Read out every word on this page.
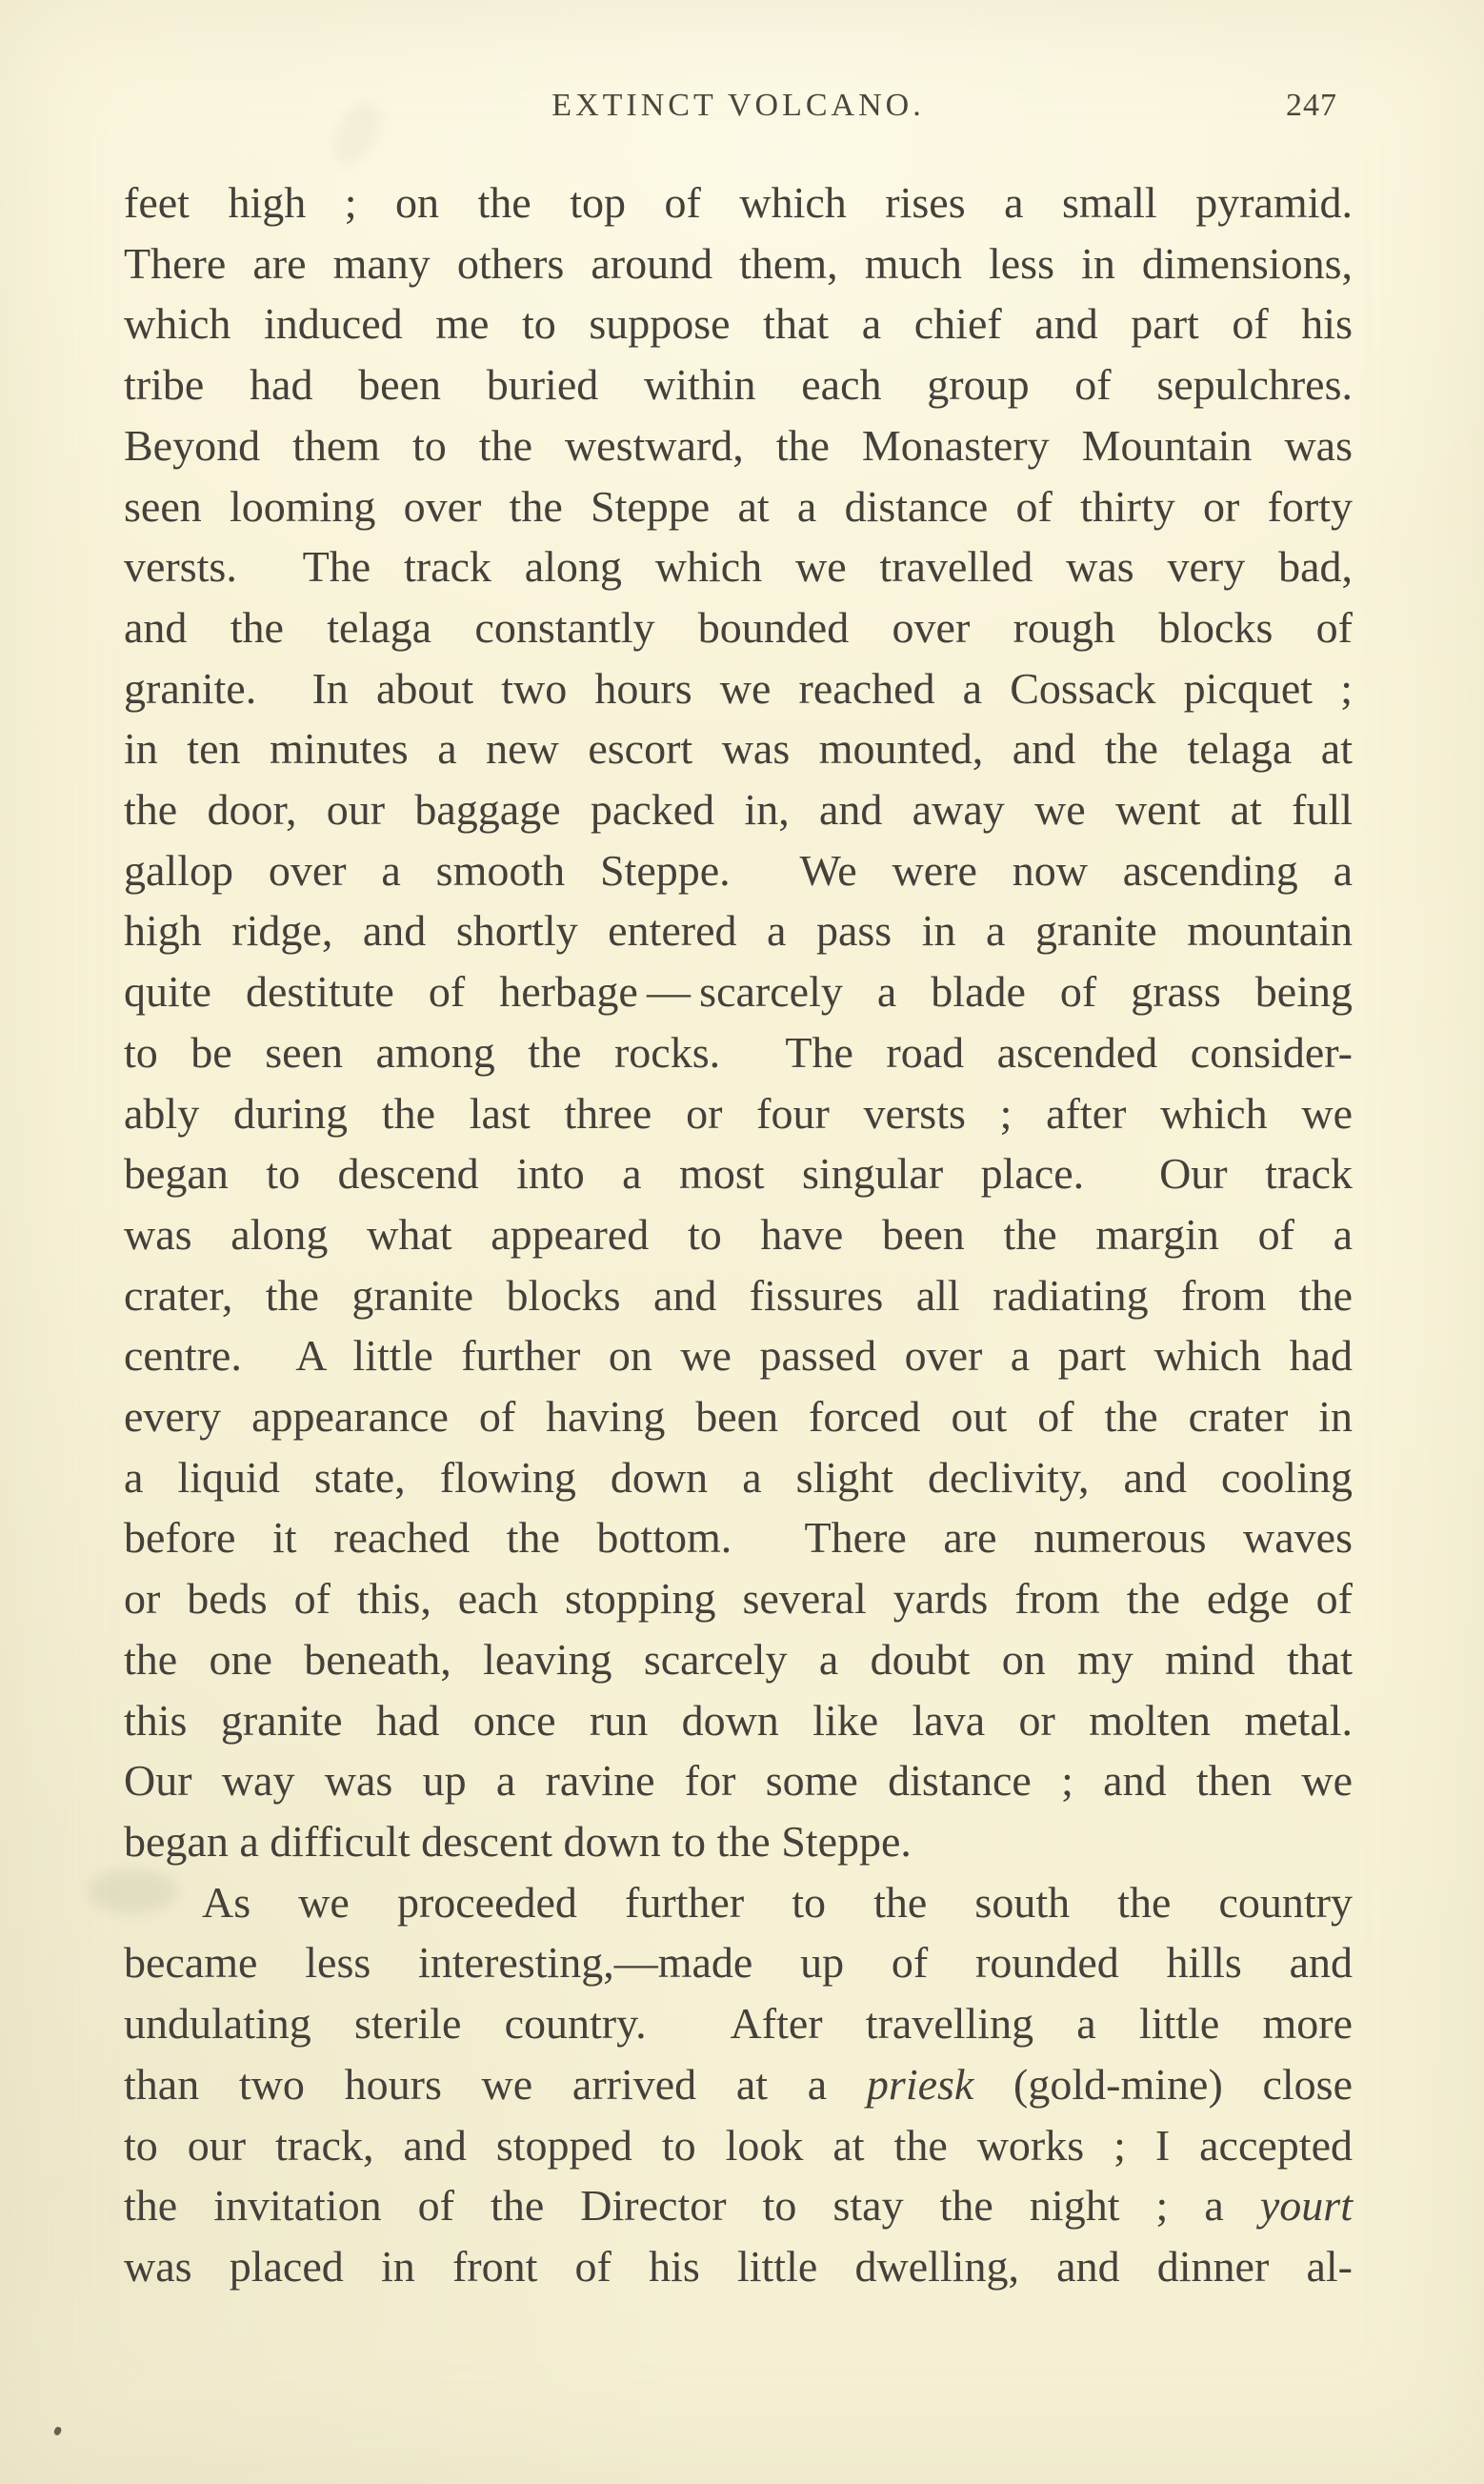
EXTINCT VOLCANO.	247
feet high ; on the top of which rises a small pyramid.
There are many others around them, much less in dimensions,
which induced me to suppose that a chief and part of his
tribe had been buried within each group of sepulchres.
Beyond them to the westward, the Monastery Mountain was
seen looming over the Steppe at a distance of thirty or forty
versts.  The track along which we travelled was very bad,
and the telaga constantly bounded over rough blocks of
granite.  In about two hours we reached a Cossack picquet ;
in ten minutes a new escort was mounted, and the telaga at
the door, our baggage packed in, and away we went at full
gallop over a smooth Steppe.  We were now ascending a
high ridge, and shortly entered a pass in a granite mountain
quite destitute of herbage — scarcely a blade of grass being
to be seen among the rocks.  The road ascended consider-
ably during the last three or four versts ; after which we
began to descend into a most singular place.  Our track
was along what appeared to have been the margin of a
crater, the granite blocks and fissures all radiating from the
centre.  A little further on we passed over a part which had
every appearance of having been forced out of the crater in
a liquid state, flowing down a slight declivity, and cooling
before it reached the bottom.  There are numerous waves
or beds of this, each stopping several yards from the edge of
the one beneath, leaving scarcely a doubt on my mind that
this granite had once run down like lava or molten metal.
Our way was up a ravine for some distance ; and then we
began a difficult descent down to the Steppe.
As we proceeded further to the south the country
became less interesting,—made up of rounded hills and
undulating sterile country.  After travelling a little more
than two hours we arrived at a priesk (gold-mine) close
to our track, and stopped to look at the works ; I accepted
the invitation of the Director to stay the night ; a yourt
was placed in front of his little dwelling, and dinner al-
